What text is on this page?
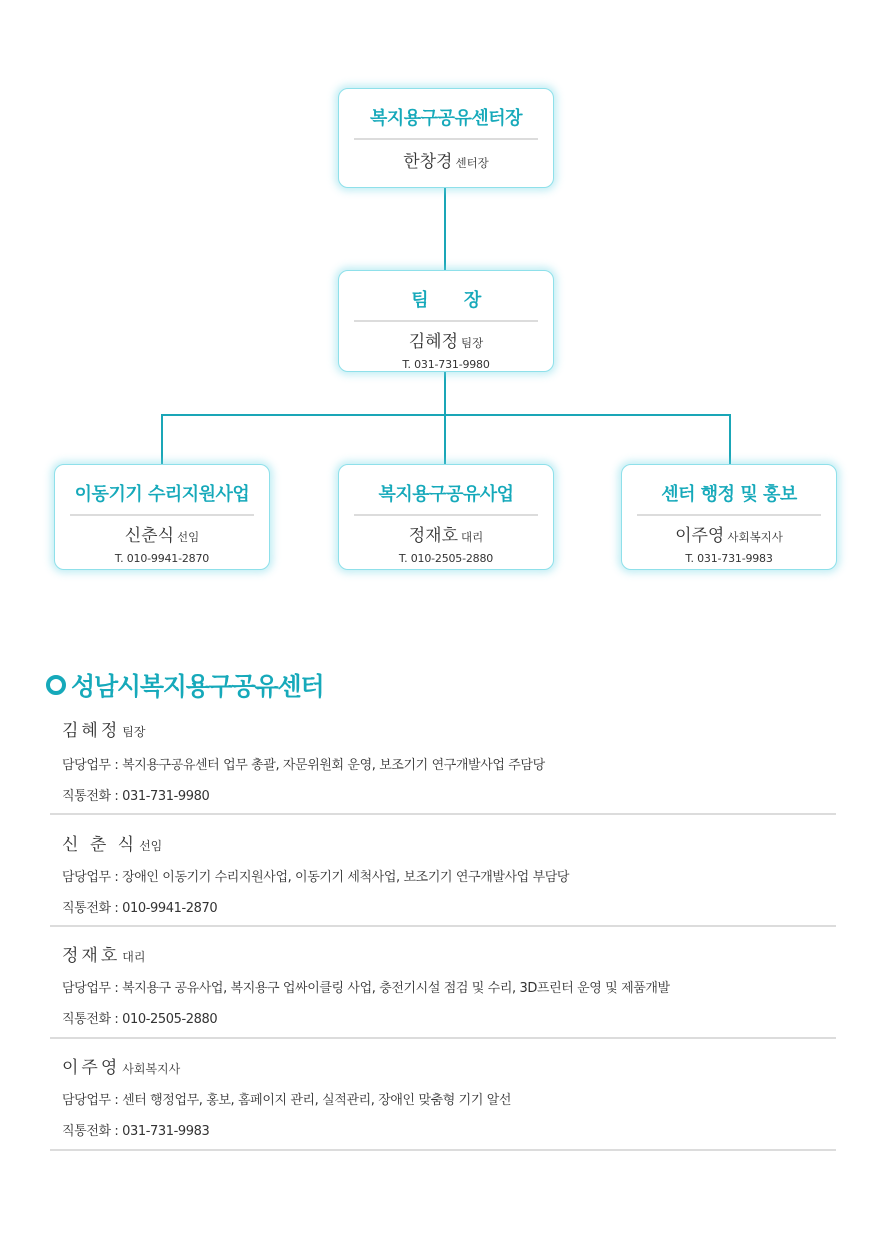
복지용구공유센터장
한창경 센터장
팀 장
김혜정 팀장
T. 031-731-9980
이동기기 수리지원사업
신춘식 선임
T. 010-9941-2870
복지용구공유사업
정재호 대리
T. 010-2505-2880
센터 행정 및 홍보
이주영 사회복지사
T. 031-731-9983
성남시복지용구공유센터
김혜정 팀장
담당업무 : 복지용구공유센터 업무 총괄, 자문위원회 운영, 보조기기 연구개발사업 주담당
직통전화 : 031-731-9980
신 춘 식 선임
담당업무 : 장애인 이동기기 수리지원사업, 이동기기 세척사업, 보조기기 연구개발사업 부담당
직통전화 : 010-9941-2870
정재호 대리
담당업무 : 복지용구 공유사업, 복지용구 업싸이클링 사업, 충전기시설 점검 및 수리, 3D프린터 운영 및 제품개발
직통전화 : 010-2505-2880
이주영 사회복지사
담당업무 : 센터 행정업무, 홍보, 홈페이지 관리, 실적관리, 장애인 맞춤형 기기 알선
직통전화 : 031-731-9983
